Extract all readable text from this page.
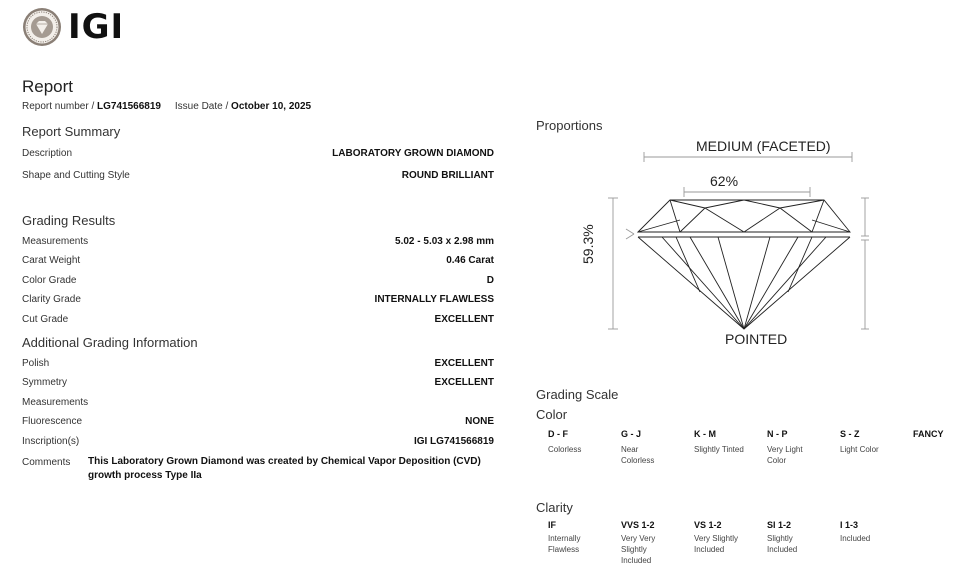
IGI
Report
Report number / LG741566819 Issue Date / October 10, 2025
Report Summary
Description	LABORATORY GROWN DIAMOND
Shape and Cutting Style	ROUND BRILLIANT
Grading Results
Measurements	5.02 - 5.03 x 2.98 mm
Carat Weight	0.46 Carat
Color Grade	D
Clarity Grade	INTERNALLY FLAWLESS
Cut Grade	EXCELLENT
Additional Grading Information
Polish	EXCELLENT
Symmetry	EXCELLENT
Measurements
Fluorescence	NONE
Inscription(s)	IGI LG741566819
Comments This Laboratory Grown Diamond was created by Chemical Vapor Deposition (CVD) growth process Type IIa
Proportions
MEDIUM (FACETED)
62%
59.3%
POINTED
Grading Scale
Color
D - F
Colorless
G - J
Near Colorless
K - M
Slightly Tinted
N - P
Very Light Color
S - Z
Light Color
FANCY
Clarity
IF
Internally Flawless
VVS 1-2
Very Very Slightly Included
VS 1-2
Very Slightly Included
SI 1-2
Slightly Included
I 1-3
Included
